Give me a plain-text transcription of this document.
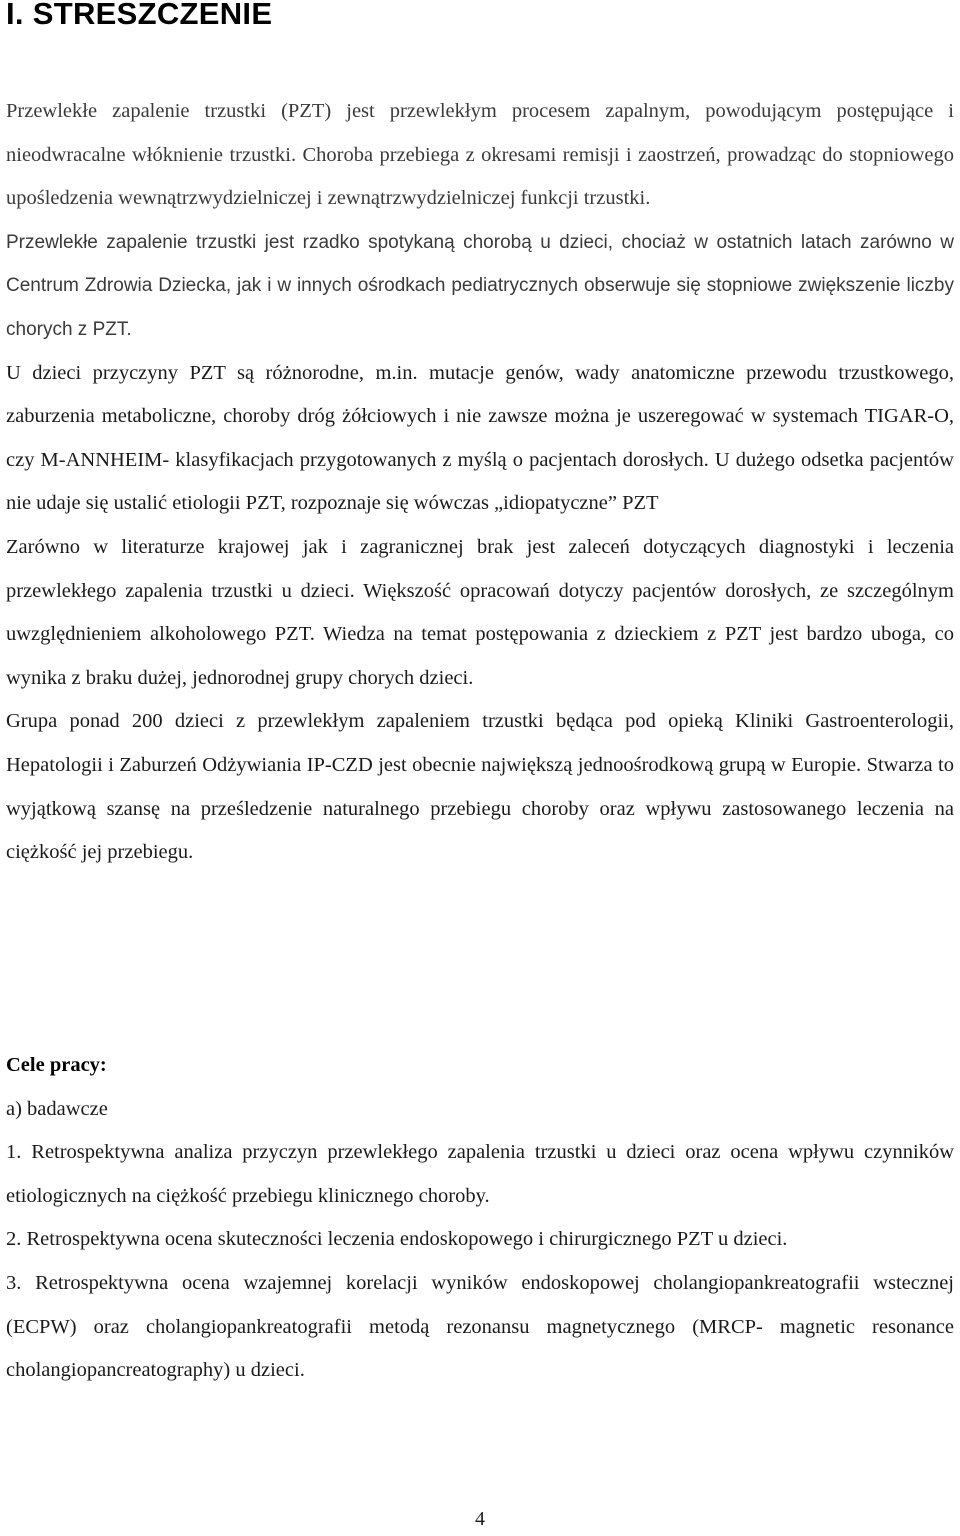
I. STRESZCZENIE

Przewlekłe zapalenie trzustki (PZT) jest przewlekłym procesem zapalnym, powodującym postępujące i nieodwracalne włóknienie trzustki. Choroba przebiega z okresami remisji i zaostrzeń, prowadząc do stopniowego upośledzenia wewnątrzwydzielniczej i zewnątrzwydzielniczej funkcji trzustki.

Przewlekłe zapalenie trzustki jest rzadko spotykaną chorobą u dzieci, chociaż w ostatnich latach zarówno w Centrum Zdrowia Dziecka, jak i w innych ośrodkach pediatrycznych obserwuje się stopniowe zwiększenie liczby chorych z PZT.

U dzieci przyczyny PZT są różnorodne, m.in. mutacje genów, wady anatomiczne przewodu trzustkowego, zaburzenia metaboliczne, choroby dróg żółciowych i nie zawsze można je uszeregować w systemach TIGAR-O, czy M-ANNHEIM- klasyfikacjach przygotowanych z myślą o pacjentach dorosłych. U dużego odsetka pacjentów nie udaje się ustalić etiologii PZT, rozpoznaje się wówczas „idiopatyczne” PZT

Zarówno w literaturze krajowej jak i zagranicznej brak jest zaleceń dotyczących diagnostyki i leczenia przewlekłego zapalenia trzustki u dzieci. Większość opracowań dotyczy pacjentów dorosłych, ze szczególnym uwzględnieniem alkoholowego PZT. Wiedza na temat postępowania z dzieckiem z PZT jest bardzo uboga, co wynika z braku dużej, jednorodnej grupy chorych dzieci.

Grupa ponad 200 dzieci z przewlekłym zapaleniem trzustki będąca pod opieką Kliniki Gastroenterologii, Hepatologii i Zaburzeń Odżywiania IP-CZD jest obecnie największą jednoośrodkową grupą w Europie. Stwarza to wyjątkową szansę na prześledzenie naturalnego przebiegu choroby oraz wpływu zastosowanego leczenia na ciężkość jej przebiegu.

Cele pracy:

a) badawcze

1. Retrospektywna analiza przyczyn przewlekłego zapalenia trzustki u dzieci oraz ocena wpływu czynników etiologicznych na ciężkość przebiegu klinicznego choroby.

2. Retrospektywna ocena skuteczności leczenia endoskopowego i chirurgicznego PZT u dzieci.

3. Retrospektywna ocena wzajemnej korelacji wyników endoskopowej cholangiopankreatografii wstecznej (ECPW) oraz cholangiopankreatografii metodą rezonansu magnetycznego (MRCP- magnetic resonance cholangiopancreatography) u dzieci.

4
